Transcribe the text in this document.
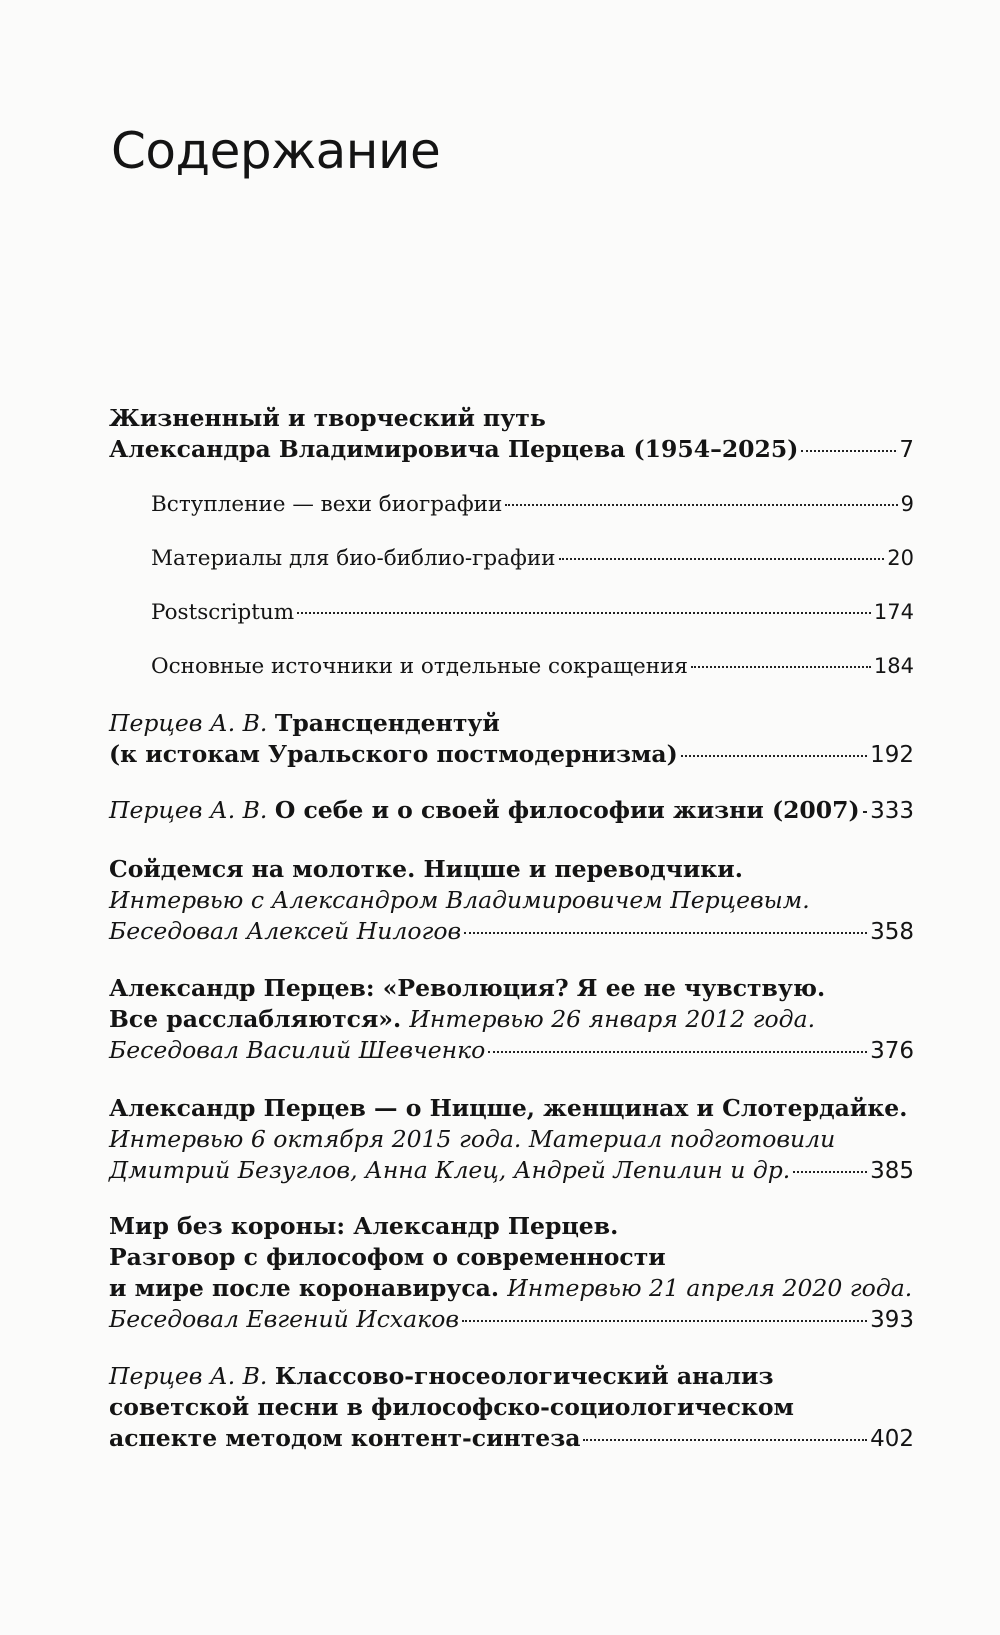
Содержание
Жизненный и творческий путь
Александра Владимировича Перцева (1954–2025)	7
Вступление — вехи биографии	9
Материалы для био-библио-графии	20
Postscriptum	174
Основные источники и отдельные сокращения	184
Перцев А. В. Трансцендентуй
(к истокам Уральского постмодернизма)	192
Перцев А. В. О себе и о своей философии жизни (2007) 333
Сойдемся на молотке. Ницше и переводчики.
Интервью с Александром Владимировичем Перцевым.
Беседовал Алексей Нилогов	358
Александр Перцев: «Революция? Я ее не чувствую.
Все расслабляются». Интервью 26 января 2012 года.
Беседовал Василий Шевченко	376
Александр Перцев — о Ницше, женщинах и Слотердайке.
Интервью 6 октября 2015 года. Материал подготовили
Дмитрий Безуглов, Анна Клец, Андрей Лепилин и др.	385
Мир без короны: Александр Перцев.
Разговор с философом о современности
и мире после коронавируса. Интервью 21 апреля 2020 года.
Беседовал Евгений Исхаков	393
Перцев А. В. Классово-гносеологический анализ
советской песни в философско-социологическом
аспекте методом контент-синтеза	402
